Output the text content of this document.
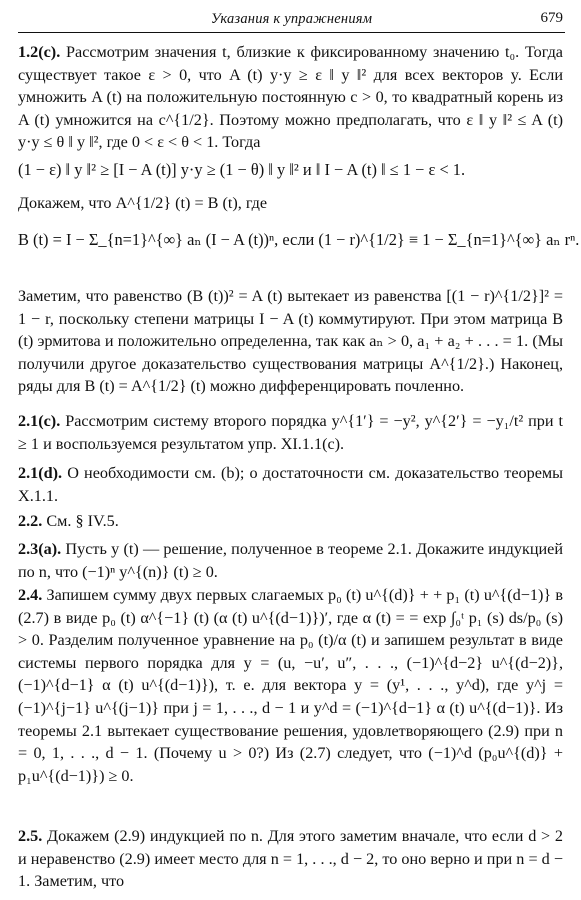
Указания к упражнениям	679

1.2(с). Рассмотрим значения t, близкие к фиксированному значению t₀. Тогда существует такое ε > 0, что A (t) y·y ≥ ε ‖ y ‖² для всех векторов y. Если умножить A (t) на положительную постоянную c > 0, то квадратный корень из A (t) умножится на c^{1/2}. Поэтому можно предполагать, что ε ‖ y ‖² ≤ A (t) y·y ≤ θ ‖ y ‖², где 0 < ε < θ < 1. Тогда

(1 − ε) ‖ y ‖² ≥ [I − A (t)] y·y ≥ (1 − θ) ‖ y ‖² и ‖ I − A (t) ‖ ≤ 1 − ε < 1.

Докажем, что A^{1/2} (t) = B (t), где

B (t) = I − Σ_{n=1}^{∞} aₙ (I − A (t))ⁿ, если (1 − r)^{1/2} ≡ 1 − Σ_{n=1}^{∞} aₙ rⁿ.

Заметим, что равенство (B (t))² = A (t) вытекает из равенства [(1 − r)^{1/2}]² = 1 − r, поскольку степени матрицы I − A (t) коммутируют. При этом матрица B (t) эрмитова и положительно определенна, так как aₙ > 0, a₁ + a₂ + . . . = 1. (Мы получили другое доказательство существования матрицы A^{1/2}.) Наконец, ряды для B (t) = A^{1/2} (t) можно дифференцировать почленно.

2.1(с). Рассмотрим систему второго порядка y^{1′} = −y², y^{2′} = −y₁/t² при t ≥ 1 и воспользуемся результатом упр. XI.1.1(c).

2.1(d). О необходимости см. (b); о достаточности см. доказательство теоремы X.1.1.

2.2. См. § IV.5.

2.3(a). Пусть y (t) — решение, полученное в теореме 2.1. Докажите индукцией по n, что (−1)ⁿ y^{(n)} (t) ≥ 0.

2.4. Запишем сумму двух первых слагаемых p₀ (t) u^{(d)} + + p₁ (t) u^{(d−1)} в (2.7) в виде p₀ (t) α^{−1} (t) (α (t) u^{(d−1)})′, где α (t) = = exp ∫₀ᵗ p₁ (s) ds/p₀ (s) > 0. Разделим полученное уравнение на p₀ (t)/α (t) и запишем результат в виде системы первого порядка для y = (u, −u′, u″, . . ., (−1)^{d−2} u^{(d−2)}, (−1)^{d−1} α (t) u^{(d−1)}), т. е. для вектора y = (y¹, . . ., y^d), где y^j = (−1)^{j−1} u^{(j−1)} при j = 1, . . ., d − 1 и y^d = (−1)^{d−1} α (t) u^{(d−1)}. Из теоремы 2.1 вытекает существование решения, удовлетворяющего (2.9) при n = 0, 1, . . ., d − 1. (Почему u > 0?) Из (2.7) следует, что (−1)^d (p₀u^{(d)} + p₁u^{(d−1)}) ≥ 0.

2.5. Докажем (2.9) индукцией по n. Для этого заметим вначале, что если d > 2 и неравенство (2.9) имеет место для n = 1, . . ., d − 2, то оно верно и при n = d − 1. Заметим, что
